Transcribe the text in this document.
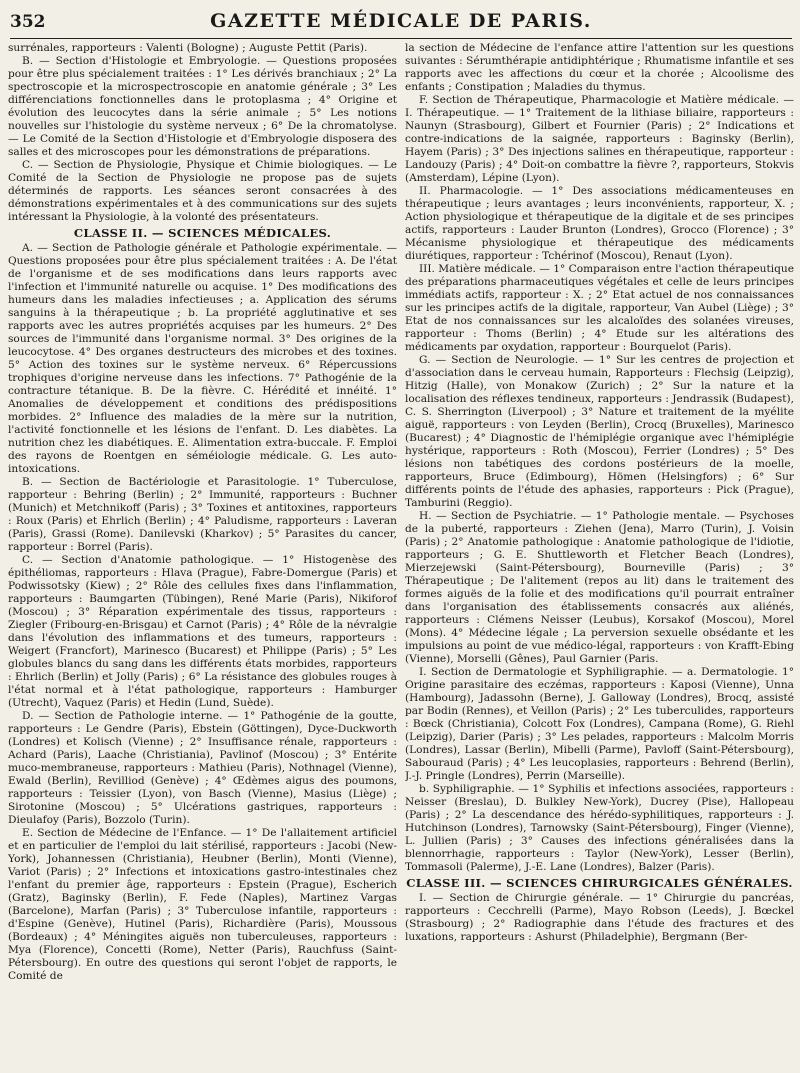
352	GAZETTE MÉDICALE DE PARIS.

surrénales, rapporteurs : Valenti (Bologne) ; Auguste Pettit (Paris).

B. — Section d'Histologie et Embryologie. — Questions proposées pour être plus spécialement traitées : 1° Les dérivés branchiaux ; 2° La spectroscopie et la microspectroscopie en anatomie générale ; 3° Les différenciations fonctionnelles dans le protoplasma ; 4° Origine et évolution des leucocytes dans la série animale ; 5° Les notions nouvelles sur l'histologie du système nerveux ; 6° De la chromatolyse. — Le Comité de la Section d'Histologie et d'Embryologie disposera des salles et des microscopes pour les démonstrations de préparations.

C. — Section de Physiologie, Physique et Chimie biologiques. — Le Comité de la Section de Physiologie ne propose pas de sujets déterminés de rapports. Les séances seront consacrées à des démonstrations expérimentales et à des communications sur des sujets intéressant la Physiologie, à la volonté des présentateurs.

CLASSE II. — SCIENCES MÉDICALES.

A. — Section de Pathologie générale et Pathologie expérimentale. — Questions proposées pour être plus spécialement traitées : A. De l'état de l'organisme et de ses modifications dans leurs rapports avec l'infection et l'immunité naturelle ou acquise. 1° Des modifications des humeurs dans les maladies infectieuses ; a. Application des sérums sanguins à la thérapeutique ; b. La propriété agglutinative et ses rapports avec les autres propriétés acquises par les humeurs. 2° Des sources de l'immunité dans l'organisme normal. 3° Des origines de la leucocytose. 4° Des organes destructeurs des microbes et des toxines. 5° Action des toxines sur le système nerveux. 6° Répercussions trophiques d'origine nerveuse dans les infections. 7° Pathogénie de la contracture tétanique. B. De la fièvre. C. Hérédité et innéité. 1° Anomalies de développement et conditions des prédispositions morbides. 2° Influence des maladies de la mère sur la nutrition, l'activité fonctionnelle et les lésions de l'enfant. D. Les diabètes. La nutrition chez les diabétiques. E. Alimentation extra-buccale. F. Emploi des rayons de Roentgen en séméiologie médicale. G. Les auto-intoxications.

B. — Section de Bactériologie et Parasitologie. 1° Tuberculose, rapporteur : Behring (Berlin) ; 2° Immunité, rapporteurs : Buchner (Munich) et Metchnikoff (Paris) ; 3° Toxines et antitoxines, rapporteurs : Roux (Paris) et Ehrlich (Berlin) ; 4° Paludisme, rapporteurs : Laveran (Paris), Grassi (Rome). Danilevski (Kharkov) ; 5° Parasites du cancer, rapporteur : Borrel (Paris).

C. — Section d'Anatomie pathologique. — 1° Histogenèse des épithéliomas, rapporteurs : Hlava (Prague), Fabre-Domergue (Paris) et Podwissotsky (Kiew) ; 2° Rôle des cellules fixes dans l'inflammation, rapporteurs : Baumgarten (Tübingen), René Marie (Paris), Nikiforof (Moscou) ; 3° Réparation expérimentale des tissus, rapporteurs : Ziegler (Fribourg-en-Brisgau) et Carnot (Paris) ; 4° Rôle de la névralgie dans l'évolution des inflammations et des tumeurs, rapporteurs : Weigert (Francfort), Marinesco (Bucarest) et Philippe (Paris) ; 5° Les globules blancs du sang dans les différents états morbides, rapporteurs : Ehrlich (Berlin) et Jolly (Paris) ; 6° La résistance des globules rouges à l'état normal et à l'état pathologique, rapporteurs : Hamburger (Utrecht), Vaquez (Paris) et Hedin (Lund, Suède).

D. — Section de Pathologie interne. — 1° Pathogénie de la goutte, rapporteurs : Le Gendre (Paris), Ebstein (Göttingen), Dyce-Duckworth (Londres) et Kolisch (Vienne) ; 2° Insuffisance rénale, rapporteurs : Achard (Paris), Laache (Christiania), Pavlinof (Moscou) ; 3° Entérite muco-membraneuse, rapporteurs : Mathieu (Paris), Nothnagel (Vienne), Ewald (Berlin), Revilliod (Genève) ; 4° Œdèmes aigus des poumons, rapporteurs : Teissier (Lyon), von Basch (Vienne), Masius (Liège) ; Sirotonine (Moscou) ; 5° Ulcérations gastriques, rapporteurs : Dieulafoy (Paris), Bozzolo (Turin).

E. Section de Médecine de l'Enfance. — 1° De l'allaitement artificiel et en particulier de l'emploi du lait stérilisé, rapporteurs : Jacobi (New-York), Johannessen (Christiania), Heubner (Berlin), Monti (Vienne), Variot (Paris) ; 2° Infections et intoxications gastro-intestinales chez l'enfant du premier âge, rapporteurs : Epstein (Prague), Escherich (Gratz), Baginsky (Berlin), F. Fede (Naples), Martinez Vargas (Barcelone), Marfan (Paris) ; 3° Tuberculose infantile, rapporteurs : d'Espine (Genève), Hutinel (Paris), Richardière (Paris), Moussous (Bordeaux) ; 4° Méningites aiguës non tuberculeuses, rapporteurs : Mya (Florence), Concetti (Rome), Netter (Paris), Rauchfuss (Saint-Pétersbourg). En outre des questions qui seront l'objet de rapports, le Comité de

la section de Médecine de l'enfance attire l'attention sur les questions suivantes : Sérumthérapie antidiphtérique ; Rhumatisme infantile et ses rapports avec les affections du cœur et la chorée ; Alcoolisme des enfants ; Constipation ; Maladies du thymus.

F. Section de Thérapeutique, Pharmacologie et Matière médicale. — I. Thérapeutique. — 1° Traitement de la lithiase biliaire, rapporteurs : Naunyn (Strasbourg), Gilbert et Fournier (Paris) ; 2° Indications et contre-indications de la saignée, rapporteurs : Baginsky (Berlin), Hayem (Paris) ; 3° Des injections salines en thérapeutique, rapporteur : Landouzy (Paris) ; 4° Doit-on combattre la fièvre ?, rapporteurs, Stokvis (Amsterdam), Lépine (Lyon).

II. Pharmacologie. — 1° Des associations médicamenteuses en thérapeutique ; leurs avantages ; leurs inconvénients, rapporteur, X. ; Action physiologique et thérapeutique de la digitale et de ses principes actifs, rapporteurs : Lauder Brunton (Londres), Grocco (Florence) ; 3° Mécanisme physiologique et thérapeutique des médicaments diurétiques, rapporteur : Tchérinof (Moscou), Renaut (Lyon).

III. Matière médicale. — 1° Comparaison entre l'action thérapeutique des préparations pharmaceutiques végétales et celle de leurs principes immédiats actifs, rapporteur : X. ; 2° Etat actuel de nos connaissances sur les principes actifs de la digitale, rapporteur, Van Aubel (Liège) ; 3° Etat de nos connaissances sur les alcaloïdes des solanées vireuses, rapporteur : Thoms (Berlin) ; 4° Etude sur les altérations des médicaments par oxydation, rapporteur : Bourquelot (Paris).

G. — Section de Neurologie. — 1° Sur les centres de projection et d'association dans le cerveau humain, Rapporteurs : Flechsig (Leipzig), Hitzig (Halle), von Monakow (Zurich) ; 2° Sur la nature et la localisation des réflexes tendineux, rapporteurs : Jendrassik (Budapest), C. S. Sherrington (Liverpool) ; 3° Nature et traitement de la myélite aiguë, rapporteurs : von Leyden (Berlin), Crocq (Bruxelles), Marinesco (Bucarest) ; 4° Diagnostic de l'hémiplégie organique avec l'hémiplégie hystérique, rapporteurs : Roth (Moscou), Ferrier (Londres) ; 5° Des lésions non tabétiques des cordons postérieurs de la moelle, rapporteurs, Bruce (Edimbourg), Hömen (Helsingfors) ; 6° Sur différents points de l'étude des aphasies, rapporteurs : Pick (Prague), Tamburini (Reggio).

H. — Section de Psychiatrie. — 1° Pathologie mentale. — Psychoses de la puberté, rapporteurs : Ziehen (Jena), Marro (Turin), J. Voisin (Paris) ; 2° Anatomie pathologique : Anatomie pathologique de l'idiotie, rapporteurs ; G. E. Shuttleworth et Fletcher Beach (Londres), Mierzejewski (Saint-Pétersbourg), Bourneville (Paris) ; 3° Thérapeutique ; De l'alitement (repos au lit) dans le traitement des formes aiguës de la folie et des modifications qu'il pourrait entraîner dans l'organisation des établissements consacrés aux aliénés, rapporteurs : Clémens Neisser (Leubus), Korsakof (Moscou), Morel (Mons). 4° Médecine légale ; La perversion sexuelle obsédante et les impulsions au point de vue médico-légal, rapporteurs : von Krafft-Ebing (Vienne), Morselli (Gênes), Paul Garnier (Paris.

I. Section de Dermatologie et Syphiligraphie. — a. Dermatologie. 1° Origine parasitaire des eczémas, rapporteurs : Kaposi (Vienne), Unna (Hambourg), Jadassohn (Berne), J. Galloway (Londres), Brocq, assisté par Bodin (Rennes), et Veillon (Paris) ; 2° Les tuberculides, rapporteurs : Bœck (Christiania), Colcott Fox (Londres), Campana (Rome), G. Riehl (Leipzig), Darier (Paris) ; 3° Les pelades, rapporteurs : Malcolm Morris (Londres), Lassar (Berlin), Mibelli (Parme), Pavloff (Saint-Pétersbourg), Sabouraud (Paris) ; 4° Les leucoplasies, rapporteurs : Behrend (Berlin), J.-J. Pringle (Londres), Perrin (Marseille).

b. Syphiligraphie. — 1° Syphilis et infections associées, rapporteurs : Neisser (Breslau), D. Bulkley New-York), Ducrey (Pise), Hallopeau (Paris) ; 2° La descendance des hérédo-syphilitiques, rapporteurs : J. Hutchinson (Londres), Tarnowsky (Saint-Pétersbourg), Finger (Vienne), L. Jullien (Paris) ; 3° Causes des infections généralisées dans la blennorrhagie, rapporteurs : Taylor (New-York), Lesser (Berlin), Tommasoli (Palerme), J.-E. Lane (Londres), Balzer (Paris).

CLASSE III. — SCIENCES CHIRURGICALES GÉNÉRALES.

I. — Section de Chirurgie générale. — 1° Chirurgie du pancréas, rapporteurs : Cecchrelli (Parme), Mayo Robson (Leeds), J. Bœckel (Strasbourg) ; 2° Radiographie dans l'étude des fractures et des luxations, rapporteurs : Ashurst (Philadelphie), Bergmann (Ber-
